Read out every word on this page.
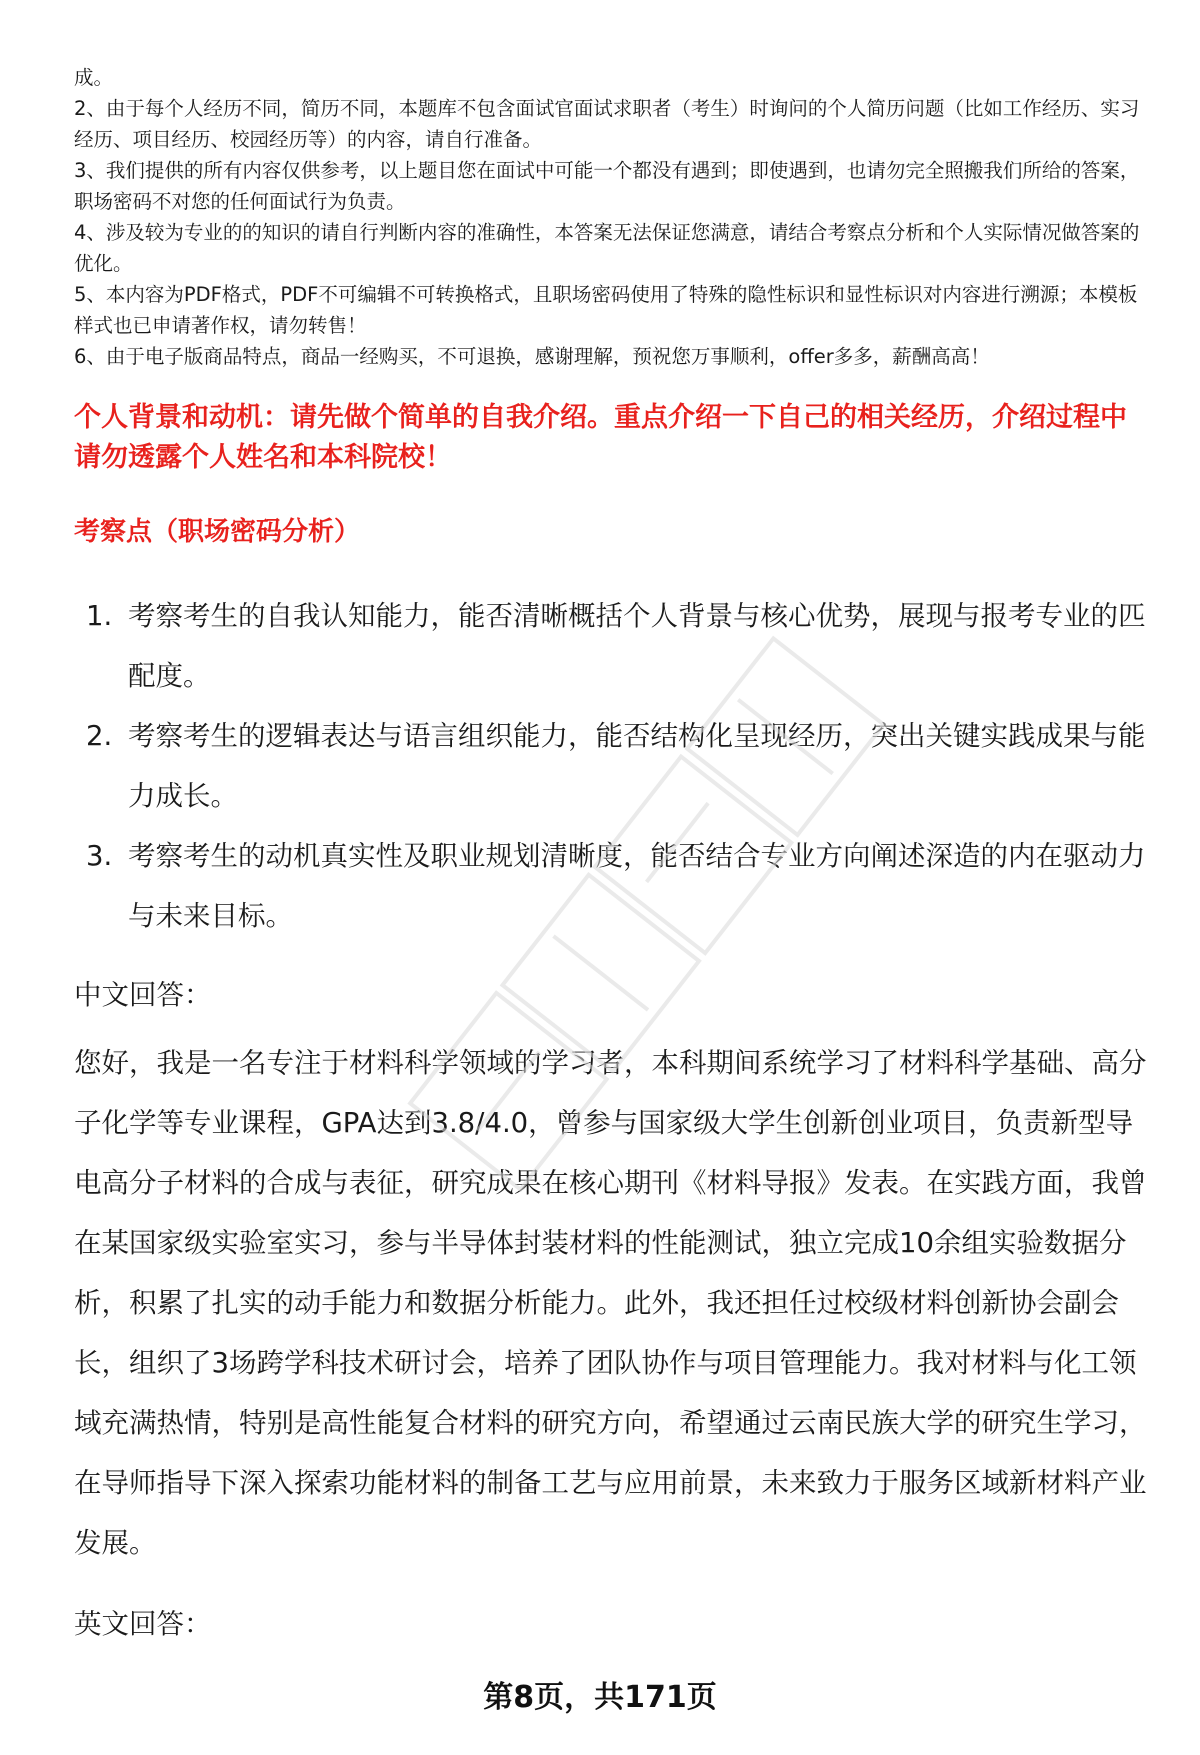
成。

2、由于每个人经历不同，简历不同，本题库不包含面试官面试求职者（考生）时询问的个人简历问题（比如工作经历、实习经历、项目经历、校园经历等）的内容，请自行准备。

3、我们提供的所有内容仅供参考，以上题目您在面试中可能一个都没有遇到；即使遇到，也请勿完全照搬我们所给的答案，职场密码不对您的任何面试行为负责。

4、涉及较为专业的的知识的请自行判断内容的准确性，本答案无法保证您满意，请结合考察点分析和个人实际情况做答案的优化。

5、本内容为PDF格式，PDF不可编辑不可转换格式，且职场密码使用了特殊的隐性标识和显性标识对内容进行溯源；本模板样式也已申请著作权，请勿转售！

6、由于电子版商品特点，商品一经购买，不可退换，感谢理解，预祝您万事顺利，offer多多，薪酬高高！

个人背景和动机：请先做个简单的自我介绍。重点介绍一下自己的相关经历，介绍过程中请勿透露个人姓名和本科院校！
考察点（职场密码分析）
1. 考察考生的自我认知能力，能否清晰概括个人背景与核心优势，展现与报考专业的匹配度。
2. 考察考生的逻辑表达与语言组织能力，能否结构化呈现经历，突出关键实践成果与能力成长。
3. 考察考生的动机真实性及职业规划清晰度，能否结合专业方向阐述深造的内在驱动力与未来目标。
中文回答：

您好，我是一名专注于材料科学领域的学习者，本科期间系统学习了材料科学基础、高分子化学等专业课程，GPA达到3.8/4.0，曾参与国家级大学生创新创业项目，负责新型导电高分子材料的合成与表征，研究成果在核心期刊《材料导报》发表。在实践方面，我曾在某国家级实验室实习，参与半导体封装材料的性能测试，独立完成10余组实验数据分析，积累了扎实的动手能力和数据分析能力。此外，我还担任过校级材料创新协会副会长，组织了3场跨学科技术研讨会，培养了团队协作与项目管理能力。我对材料与化工领域充满热情，特别是高性能复合材料的研究方向，希望通过云南民族大学的研究生学习，在导师指导下深入探索功能材料的制备工艺与应用前景，未来致力于服务区域新材料产业发展。

英文回答：
第8页，共171页
